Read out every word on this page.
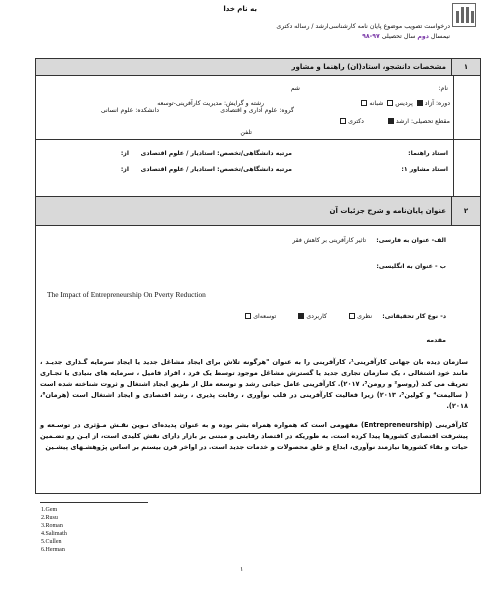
به نام خدا
درخواست تصویب موضوع پایان نامه کارشناسی‌ارشد / رساله دکتری
نیمسال دوم سال تحصیلی ۹۷-۹۸
۱
مشخصات دانشجو، استاد(ان) راهنما و مشاور
نام:
شم
دوره: آزاد پردیس شبانه
رشته و گرایش: مدیریت کارآفرینی-توسعه
گروه: علوم اداری و اقتصادی
دانشکده: علوم انسانی
مقطع تحصیلی: ارشد دکتری
تلفن
استاد راهنما:
مرتبه دانشگاهی/تخصص: استادیار / علوم اقتصادی
از:
استاد مشاور ۱:
مرتبه دانشگاهی/تخصص: استادیار / علوم اقتصادی
از:
۲
عنوان پایان‌نامه و شرح جزئیات آن
الف- عنوان به فارسی: تاثیر کارآفرینی بر کاهش فقر
ب - عنوان به انگلیسی:
The Impact of Entrepreneurship On Pverty Reduction
د- نوع کار تحقیقاتی: نظری کاربردی توسعه‌ای
مقدمه
سازمان دیده بان جهانی کارآفرینی¹، کارآفرینی را به عنوان "هرگونه تلاش برای ایجاد مشاغل جدید یا ایجاد سرمایه گـذاری جدیـد ، مانند خود اشتغالی ، یک سازمان تجاری جدید یا گسترش مشاغل موجود توسط یک فرد ، افراد فامیل ، سرمایه های بنیادی یا تجـاری تعریف می کند (روسو² و رومن³، ۲۰۱۷). کارآفرینی عامل حیاتی رشد و توسعه ملل از طریق ایجاد اشتغال و ثروت شناخته شده است ( سالیمت⁴ و کولین⁵، ۲۰۱۳) زیرا فعالیت کارآفرینی در قلب نوآوری ، رقابت پذیری ، رشد اقتصادی و ایجاد اشتغال است (هرمان⁶، ۲۰۱۸).
کارآفرینی (Entrepreneurship) مفهومی است که همواره همراه بشر بوده و به عنوان پدیده‌ای نـوین نقـش مـؤثری در توسـعه و پیشرفت اقتصادی کشورها پیدا کرده است. به طوریکه در اقتصاد رقابتی و مبتنی بر بازار دارای نقش کلیدی است، از ایـن رو تضـمین حیات و بقاء کشورها نیازمند نوآوری، ابداع و خلق محصولات و خدمات جدید است. در اواخر قرن بیستم بر اساس پژوهشـهای پیشـین
1.Gem
2.Rusu
3.Roman
4.Salimath
5.Cullen
6.Herman
۱
